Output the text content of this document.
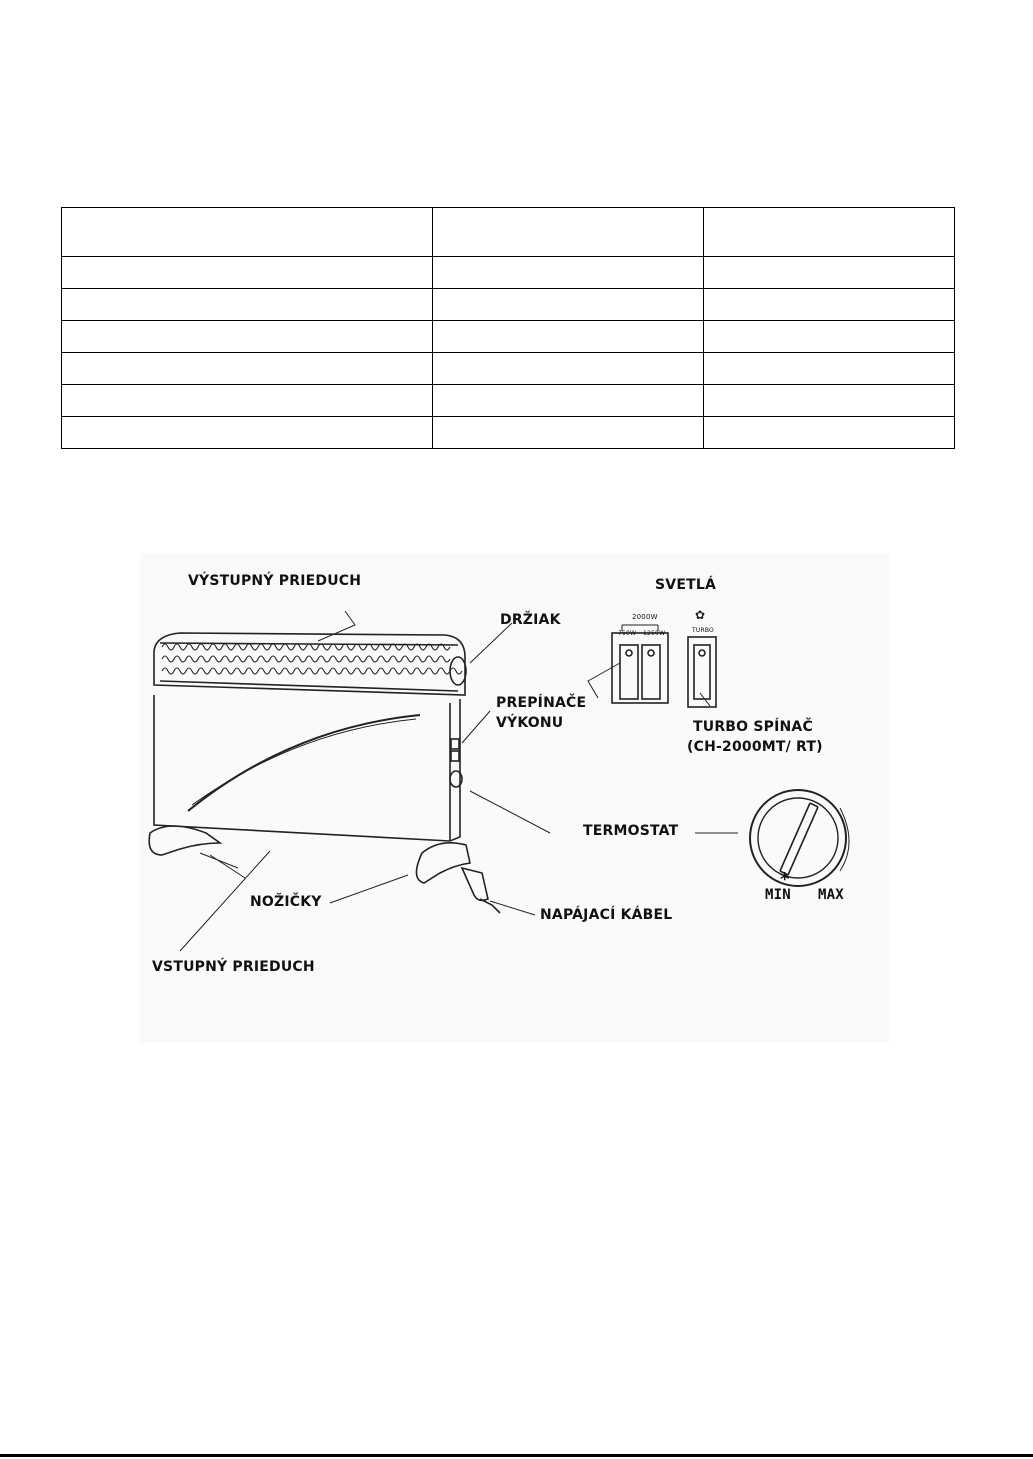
✿
VÝSTUPNÝ PRIEDUCH
DRŽIAK
SVETLÁ
PREPÍNAČE
VÝKONU	TURBO SPÍNAČ
(CH-2000MT/ RT)
TERMOSTAT
NOŽIČKY
NAPÁJACÍ KÁBEL
VSTUPNÝ PRIEDUCH
2000W
750W 1250W	TURBO
*
MIN MAX
